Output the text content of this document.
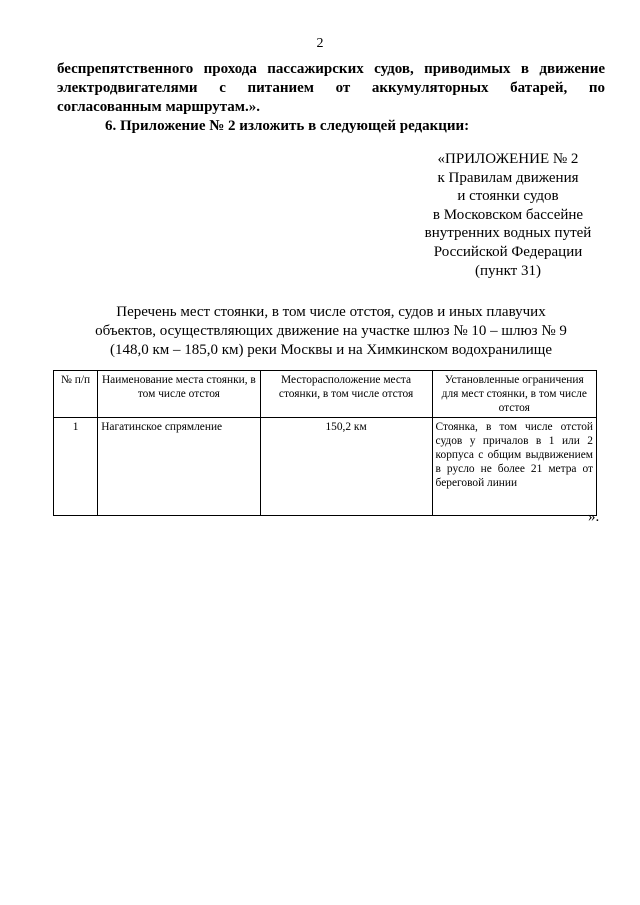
2

беспрепятственного прохода пассажирских судов, приводимых в движение электродвигателями с питанием от аккумуляторных батарей, по согласованным маршрутам.».

6. Приложение № 2 изложить в следующей редакции:

«ПРИЛОЖЕНИЕ № 2
к Правилам движения
и стоянки судов
в Московском бассейне
внутренних водных путей
Российской Федерации
(пункт 31)
Перечень мест стоянки, в том числе отстоя, судов и иных плавучих
объектов, осуществляющих движение на участке шлюз № 10 – шлюз № 9
(148,0 км – 185,0 км) реки Москвы и на Химкинском водохранилище
№ п/п	Наименование места стоянки, в том числе отстоя	Месторасположение места стоянки, в том числе отстоя	Установленные ограничения для мест стоянки, в том числе отстоя
1	Нагатинское спрямление	150,2 км	Стоянка, в том числе отстой судов у причалов в 1 или 2 корпуса с общим выдвижением в русло не более 21 метра от береговой линии
».
